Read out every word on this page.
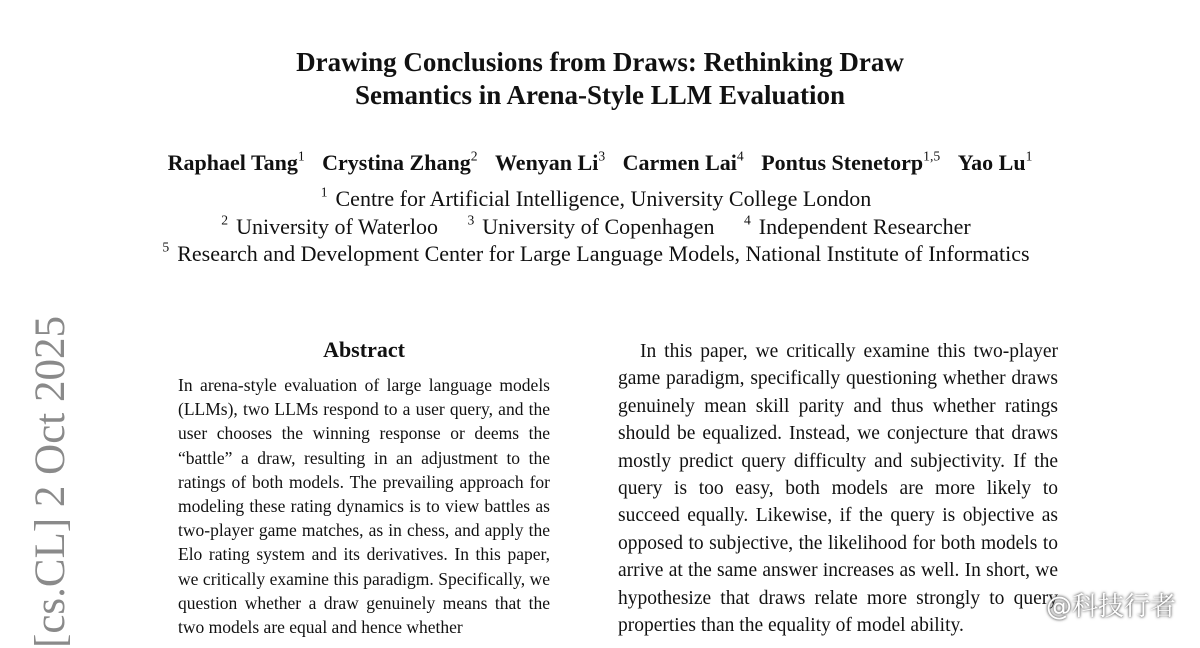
Drawing Conclusions from Draws: Rethinking Draw
Semantics in Arena-Style LLM Evaluation
Raphael Tang$^1$ Crystina Zhang$^2$ Wenyan Li$^3$ Carmen Lai$^4$ Pontus Stenetorp$^{1,5}$ Yao Lu$^1$
$^1$ Centre for Artificial Intelligence, University College London
$^2$ University of Waterloo $^3$ University of Copenhagen $^4$ Independent Researcher
$^5$ Research and Development Center for Large Language Models, National Institute of Informatics
Abstract
In arena-style evaluation of large language models (LLMs), two LLMs respond to a user query, and the user chooses the winning response or deems the “battle” a draw, resulting in an adjustment to the ratings of both models. The prevailing approach for modeling these rating dynamics is to view battles as two-player game matches, as in chess, and apply the Elo rating system and its derivatives. In this paper, we critically examine this paradigm. Specifically, we question whether a draw genuinely means that the two models are equal and hence whether
In this paper, we critically examine this two-player game paradigm, specifically questioning whether draws genuinely mean skill parity and thus whether ratings should be equalized. Instead, we conjecture that draws mostly predict query difficulty and subjectivity. If the query is too easy, both models are more likely to succeed equally. Likewise, if the query is objective as opposed to subjective, the likelihood for both models to arrive at the same answer increases as well. In short, we hypothesize that draws relate more strongly to query properties than the equality of model ability.
[cs.CL] 2 Oct 2025	@科技行者
